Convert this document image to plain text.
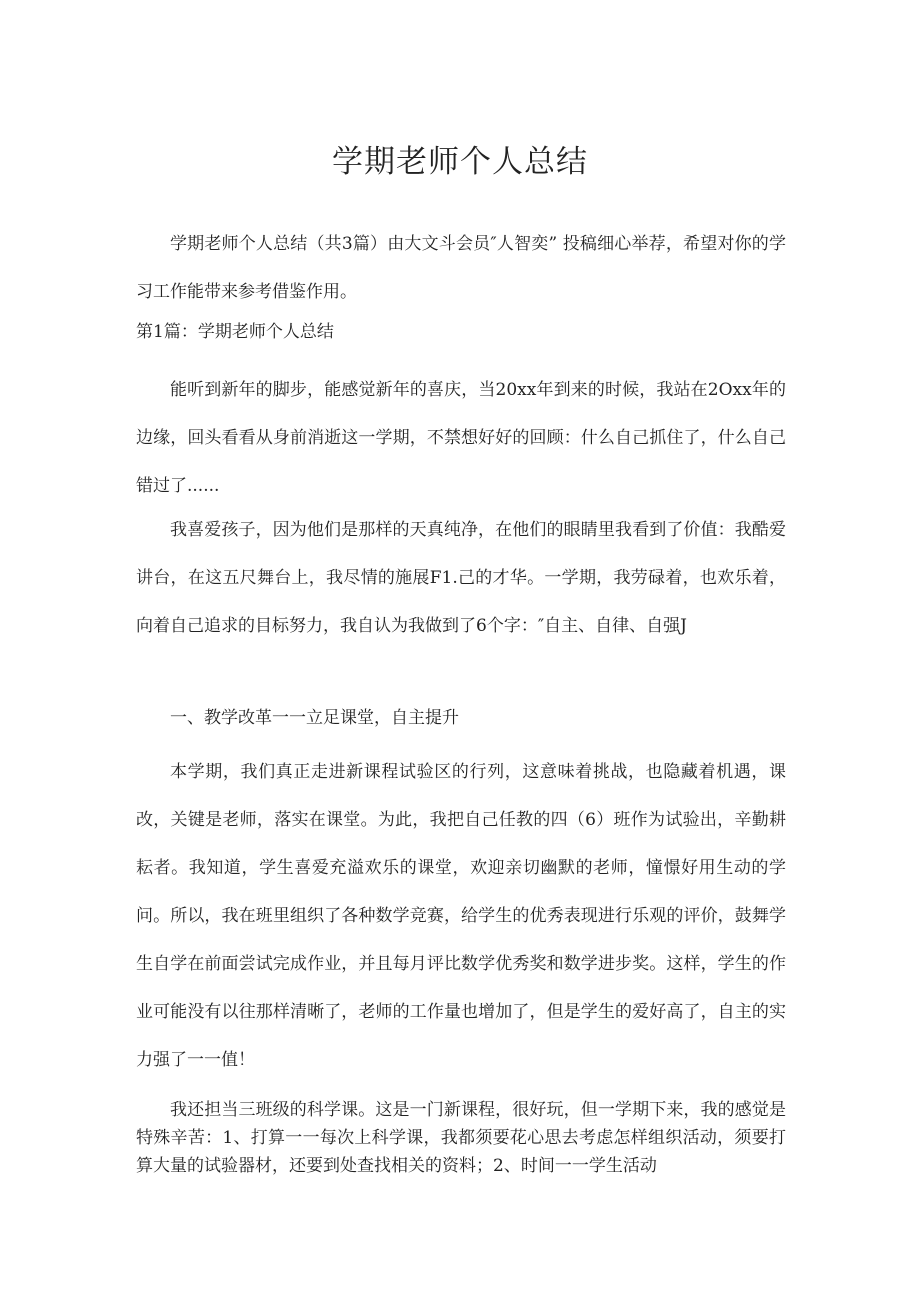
学期老师个人总结

学期老师个人总结（共3篇）由大文斗会员″人智奕” 投稿细心举荐，希望对你的学习工作能带来参考借鉴作用。

第1篇：学期老师个人总结

能听到新年的脚步，能感觉新年的喜庆，当20xx年到来的时候，我站在2Oxx年的边缘，回头看看从身前消逝这一学期，不禁想好好的回顾：什么自己抓住了，什么自己错过了......

我喜爱孩子，因为他们是那样的天真纯净，在他们的眼睛里我看到了价值：我酷爱讲台，在这五尺舞台上，我尽情的施展F1.己的才华。一学期，我劳碌着，也欢乐着，向着自己追求的目标努力，我自认为我做到了6个字：″自主、自律、自强J

一、教学改革一一立足课堂，自主提升

本学期，我们真正走进新课程试验区的行列，这意味着挑战，也隐藏着机遇，课改，关键是老师，落实在课堂。为此，我把自己任教的四（6）班作为试验出，辛勤耕耘者。我知道，学生喜爱充溢欢乐的课堂，欢迎亲切幽默的老师，憧憬好用生动的学问。所以，我在班里组织了各种数学竞赛，给学生的优秀表现进行乐观的评价，鼓舞学生自学在前面尝试完成作业，并且每月评比数学优秀奖和数学进步奖。这样，学生的作业可能没有以往那样清晰了，老师的工作量也增加了，但是学生的爱好高了，自主的实力强了一一值！

我还担当三班级的科学课。这是一门新课程，很好玩，但一学期下来，我的感觉是特殊辛苦：1、打算一一每次上科学课，我都须要花心思去考虑怎样组织活动，须要打算大量的试验器材，还要到处查找相关的资料；2、时间一一学生活动
